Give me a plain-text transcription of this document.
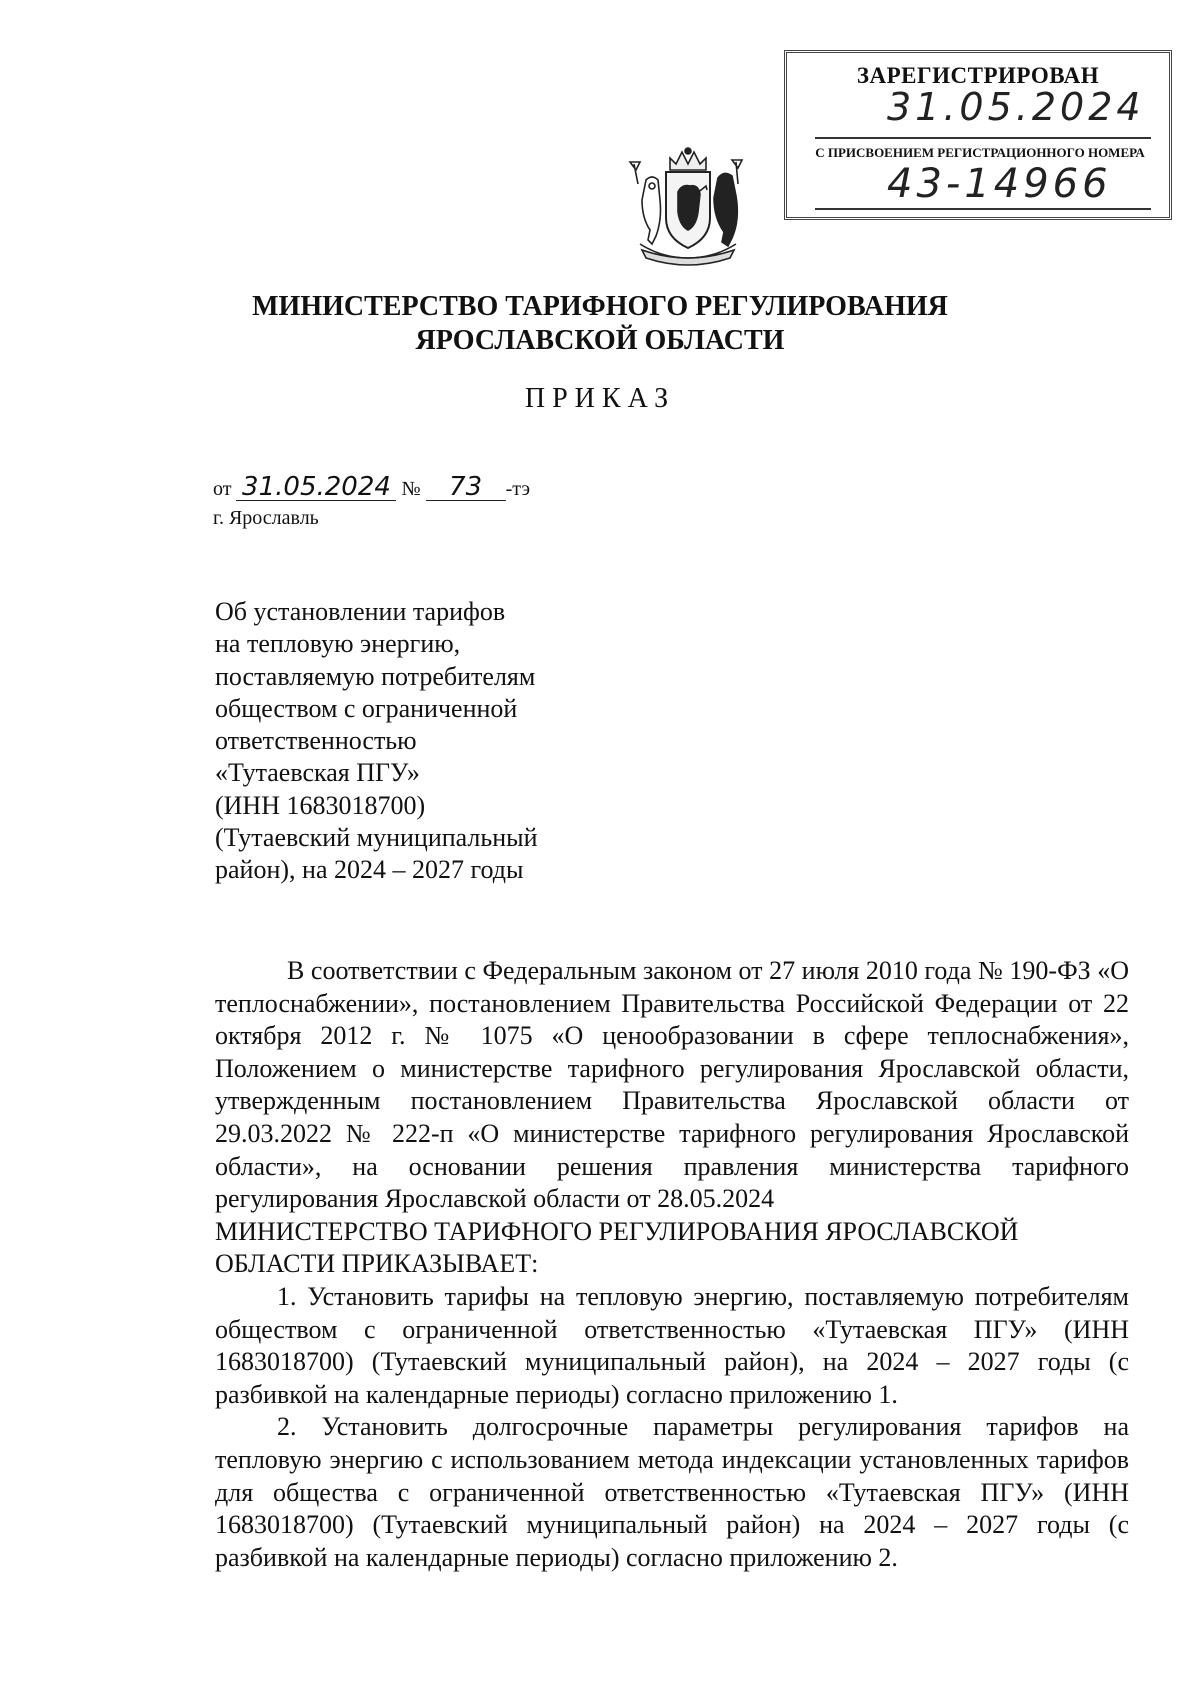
ЗАРЕГИСТРИРОВАН
31.05.2024
С ПРИСВОЕНИЕМ РЕГИСТРАЦИОННОГО НОМЕРА
43-14966
МИНИСТЕРСТВО ТАРИФНОГО РЕГУЛИРОВАНИЯ
ЯРОСЛАВСКОЙ ОБЛАСТИ
ПРИКАЗ
от 31.05.2024 № 73 -тэ
г. Ярославль
Об установлении тарифов
на тепловую энергию,
поставляемую потребителям
обществом с ограниченной
ответственностью
«Тутаевская ПГУ»
(ИНН 1683018700)
(Тутаевский муниципальный
район), на 2024 – 2027 годы

В соответствии с Федеральным законом от 27 июля 2010 года № 190-ФЗ «О теплоснабжении», постановлением Правительства Российской Федерации от 22 октября 2012 г. № 1075 «О ценообразовании в сфере теплоснабжения», Положением о министерстве тарифного регулирования Ярославской области, утвержденным постановлением Правительства Ярославской области от 29.03.2022 № 222-п «О министерстве тарифного регулирования Ярославской области», на основании решения правления министерства тарифного регулирования Ярославской области от 28.05.2024

МИНИСТЕРСТВО ТАРИФНОГО РЕГУЛИРОВАНИЯ ЯРОСЛАВСКОЙ
ОБЛАСТИ ПРИКАЗЫВАЕТ:

1. Установить тарифы на тепловую энергию, поставляемую потребителям обществом с ограниченной ответственностью «Тутаевская ПГУ» (ИНН 1683018700) (Тутаевский муниципальный район), на 2024 – 2027 годы (с разбивкой на календарные периоды) согласно приложению 1.

2. Установить долгосрочные параметры регулирования тарифов на тепловую энергию с использованием метода индексации установленных тарифов для общества с ограниченной ответственностью «Тутаевская ПГУ» (ИНН 1683018700) (Тутаевский муниципальный район) на 2024 – 2027 годы (с разбивкой на календарные периоды) согласно приложению 2.
